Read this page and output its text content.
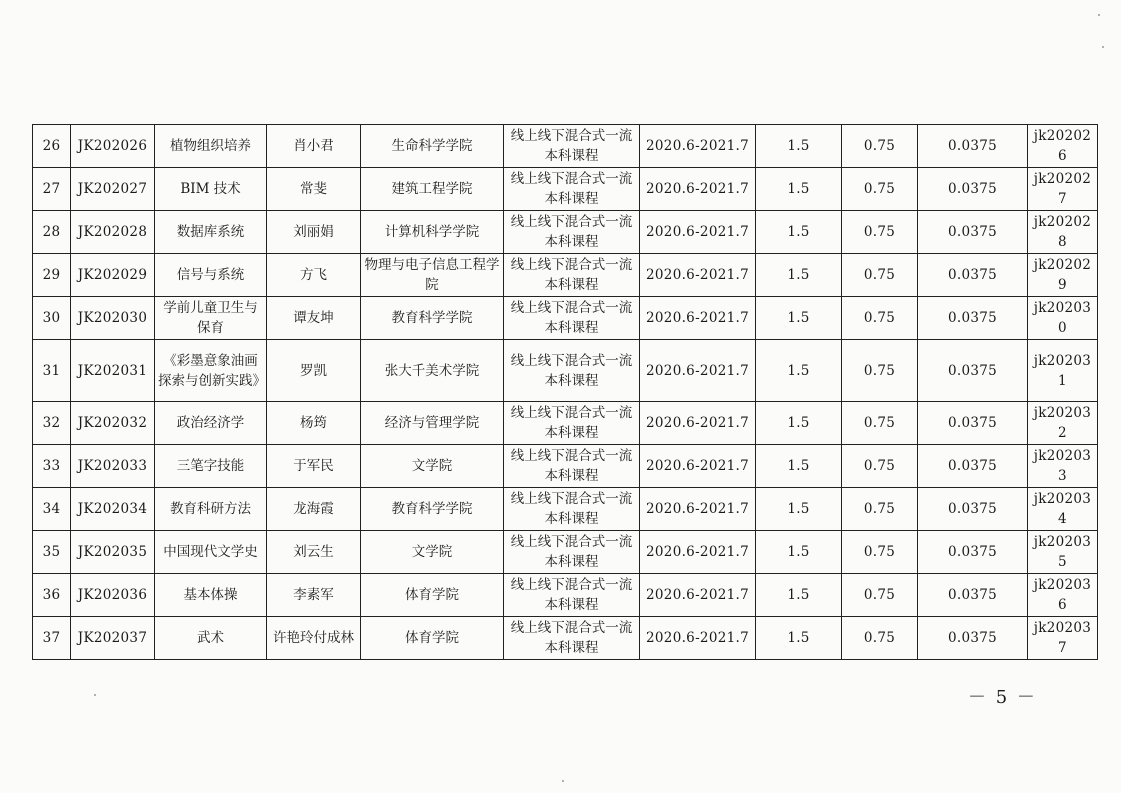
26	JK202026	植物组织培养	肖小君	生命科学学院	线上线下混合式一流本科课程	2020.6-2021.7	1.5	0.75	0.0375	jk202026
27	JK202027	BIM 技术	常斐	建筑工程学院	线上线下混合式一流本科课程	2020.6-2021.7	1.5	0.75	0.0375	jk202027
28	JK202028	数据库系统	刘丽娟	计算机科学学院	线上线下混合式一流本科课程	2020.6-2021.7	1.5	0.75	0.0375	jk202028
29	JK202029	信号与系统	方飞	物理与电子信息工程学院	线上线下混合式一流本科课程	2020.6-2021.7	1.5	0.75	0.0375	jk202029
30	JK202030	学前儿童卫生与保育	谭友坤	教育科学学院	线上线下混合式一流本科课程	2020.6-2021.7	1.5	0.75	0.0375	jk202030
31	JK202031	《彩墨意象油画探索与创新实践》	罗凯	张大千美术学院	线上线下混合式一流本科课程	2020.6-2021.7	1.5	0.75	0.0375	jk202031
32	JK202032	政治经济学	杨筠	经济与管理学院	线上线下混合式一流本科课程	2020.6-2021.7	1.5	0.75	0.0375	jk202032
33	JK202033	三笔字技能	于军民	文学院	线上线下混合式一流本科课程	2020.6-2021.7	1.5	0.75	0.0375	jk202033
34	JK202034	教育科研方法	龙海霞	教育科学学院	线上线下混合式一流本科课程	2020.6-2021.7	1.5	0.75	0.0375	jk202034
35	JK202035	中国现代文学史	刘云生	文学院	线上线下混合式一流本科课程	2020.6-2021.7	1.5	0.75	0.0375	jk202035
36	JK202036	基本体操	李素军	体育学院	线上线下混合式一流本科课程	2020.6-2021.7	1.5	0.75	0.0375	jk202036
37	JK202037	武术	许艳玲付成林	体育学院	线上线下混合式一流本科课程	2020.6-2021.7	1.5	0.75	0.0375	jk202037
－ 5 －
